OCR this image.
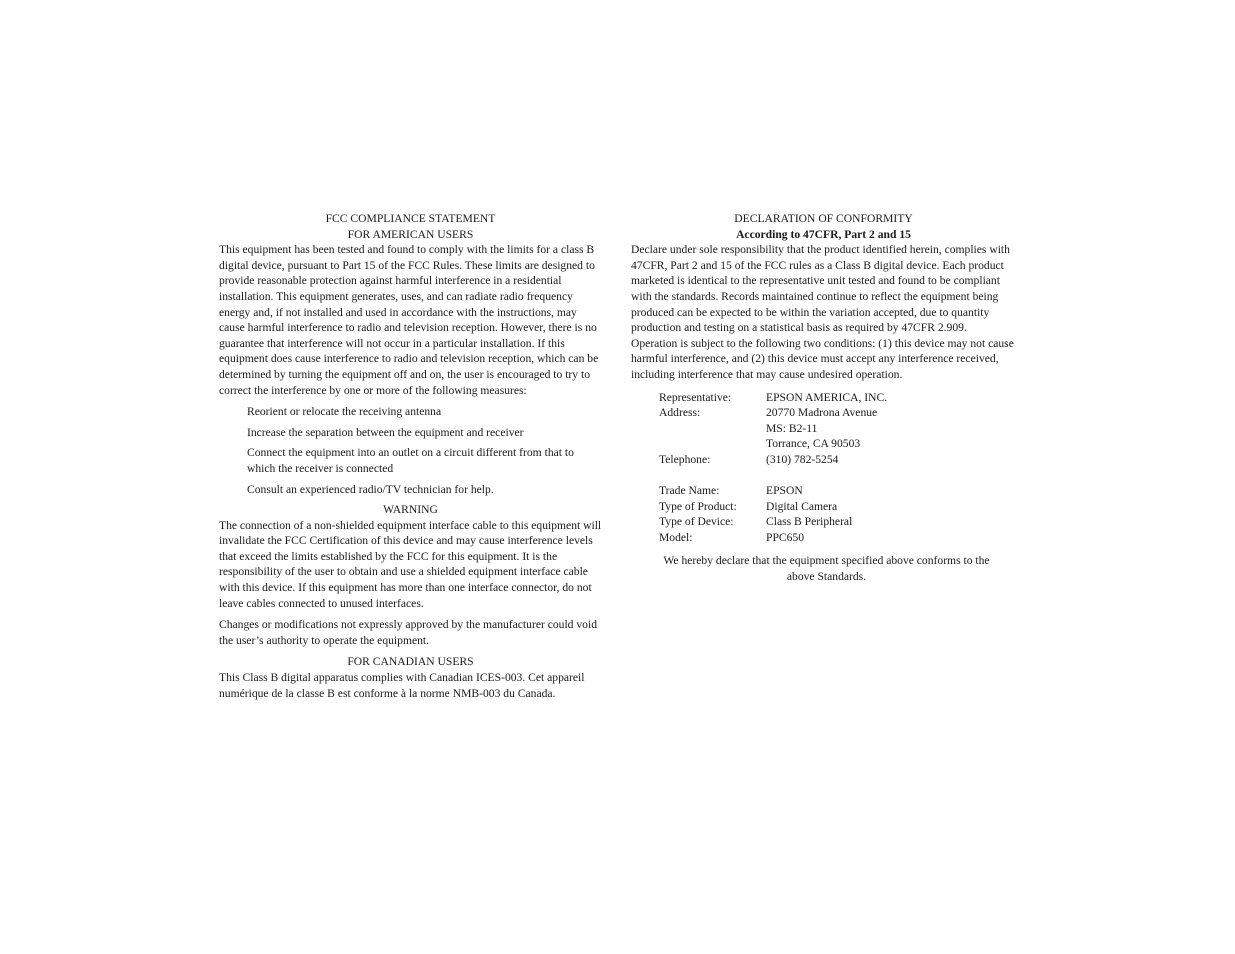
FCC COMPLIANCE STATEMENT
FOR AMERICAN USERS

This equipment has been tested and found to comply with the limits for a class B digital device, pursuant to Part 15 of the FCC Rules. These limits are designed to provide reasonable protection against harmful interference in a residential installation. This equipment generates, uses, and can radiate radio frequency energy and, if not installed and used in accordance with the instructions, may cause harmful interference to radio and television reception. However, there is no guarantee that interference will not occur in a particular installation. If this equipment does cause interference to radio and television reception, which can be determined by turning the equipment off and on, the user is encouraged to try to correct the interference by one or more of the following measures:

Reorient or relocate the receiving antenna
Increase the separation between the equipment and receiver
Connect the equipment into an outlet on a circuit different from that to which the receiver is connected
Consult an experienced radio/TV technician for help.
WARNING

The connection of a non-shielded equipment interface cable to this equipment will invalidate the FCC Certification of this device and may cause interference levels that exceed the limits established by the FCC for this equipment. It is the responsibility of the user to obtain and use a shielded equipment interface cable with this device. If this equipment has more than one interface connector, do not leave cables connected to unused interfaces.

Changes or modifications not expressly approved by the manufacturer could void the user’s authority to operate the equipment.

FOR CANADIAN USERS

This Class B digital apparatus complies with Canadian ICES-003. Cet appareil numérique de la classe B est conforme à la norme NMB-003 du Canada.

DECLARATION OF CONFORMITY
According to 47CFR, Part 2 and 15

Declare under sole responsibility that the product identified herein, complies with 47CFR, Part 2 and 15 of the FCC rules as a Class B digital device. Each product marketed is identical to the representative unit tested and found to be compliant with the standards. Records maintained continue to reflect the equipment being produced can be expected to be within the variation accepted, due to quantity production and testing on a statistical basis as required by 47CFR 2.909. Operation is subject to the following two conditions: (1) this device may not cause harmful interference, and (2) this device must accept any interference received, including interference that may cause undesired operation.

Representative:	EPSON AMERICA, INC.
Address:	20770 Madrona Avenue
MS: B2-11
Torrance, CA 90503
Telephone:	(310) 782-5254
Trade Name:	EPSON
Type of Product:	Digital Camera
Type of Device:	Class B Peripheral
Model:	PPC650

We hereby declare that the equipment specified above conforms to the above Standards.
